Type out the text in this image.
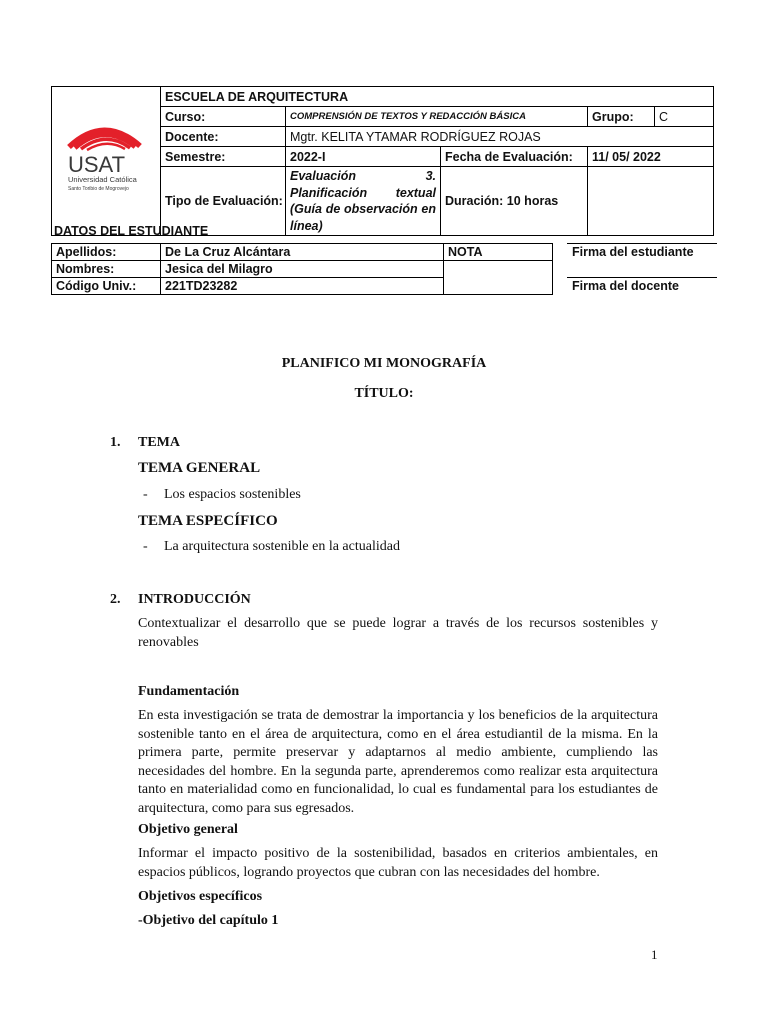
USAT
Universidad Católica
Santo Toribio de Mogrovejo	ESCUELA DE ARQUITECTURA				
	Curso:	COMPRENSIÓN DE TEXTOS Y REDACCIÓN BÁSICA		Grupo:	C
	Docente:	Mgtr. KELITA YTAMAR RODRÍGUEZ ROJAS			
	Semestre:	2022-I	Fecha de Evaluación:	11/ 05/ 2022	
	Tipo de Evaluación:	Evaluación 3.
Planificación textual
(Guía de observación en
línea)	Duración: 10 horas		
DATOS DEL ESTUDIANTE
Apellidos:	De La Cruz Alcántara	NOTA
Nombres:	Jesica del Milagro	
Código Univ.:	221TD23282	
Firma del estudiante
Firma del docente
PLANIFICO MI MONOGRAFÍA
TÍTULO:
1. TEMA
TEMA GENERAL
- Los espacios sostenibles
TEMA ESPECÍFICO
- La arquitectura sostenible en la actualidad
2. INTRODUCCIÓN
Contextualizar el desarrollo que se puede lograr a través de los recursos sostenibles y renovables
Fundamentación
En esta investigación se trata de demostrar la importancia y los beneficios de la arquitectura sostenible tanto en el área de arquitectura, como en el área estudiantil de la misma. En la primera parte, permite preservar y adaptarnos al medio ambiente, cumpliendo las necesidades del hombre. En la segunda parte, aprenderemos como realizar esta arquitectura tanto en materialidad como en funcionalidad, lo cual es fundamental para los estudiantes de arquitectura, como para sus egresados.
Objetivo general
Informar el impacto positivo de la sostenibilidad, basados en criterios ambientales, en espacios públicos, logrando proyectos que cubran con las necesidades del hombre.
Objetivos específicos
-Objetivo del capítulo 1
1
